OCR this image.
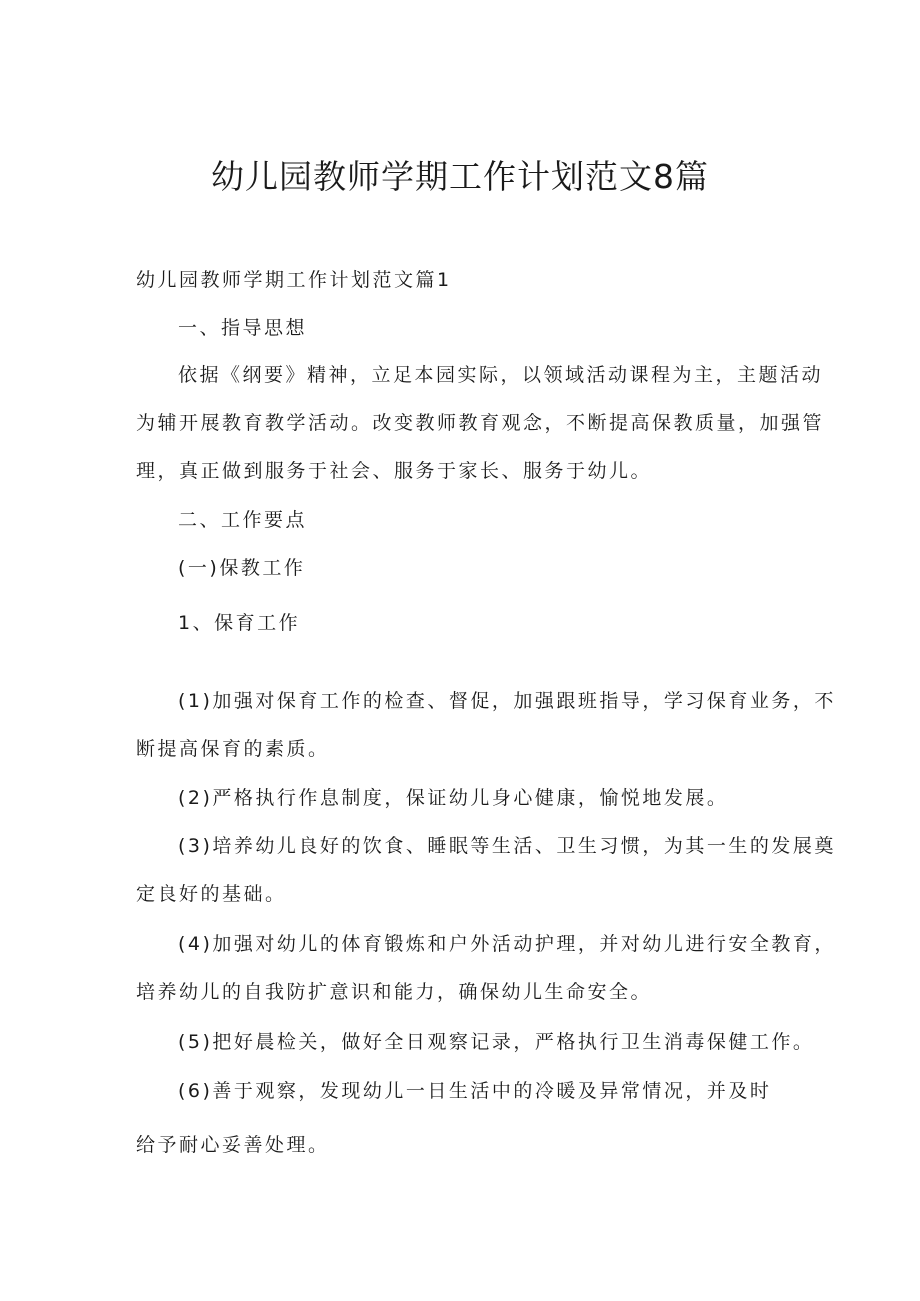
幼儿园教师学期工作计划范文8篇
幼儿园教师学期工作计划范文篇1
一、指导思想
依据《纲要》精神，立足本园实际，以领域活动课程为主，主题活动
为辅开展教育教学活动。改变教师教育观念，不断提高保教质量，加强管
理，真正做到服务于社会、服务于家长、服务于幼儿。
二、工作要点
(一)保教工作
1、保育工作
(1)加强对保育工作的检查、督促，加强跟班指导，学习保育业务，不
断提高保育的素质。
(2)严格执行作息制度，保证幼儿身心健康，愉悦地发展。
(3)培养幼儿良好的饮食、睡眠等生活、卫生习惯，为其一生的发展奠
定良好的基础。
(4)加强对幼儿的体育锻炼和户外活动护理，并对幼儿进行安全教育，
培养幼儿的自我防扩意识和能力，确保幼儿生命安全。
(5)把好晨检关，做好全日观察记录，严格执行卫生消毒保健工作。
(6)善于观察，发现幼儿一日生活中的冷暖及异常情况，并及时
给予耐心妥善处理。
